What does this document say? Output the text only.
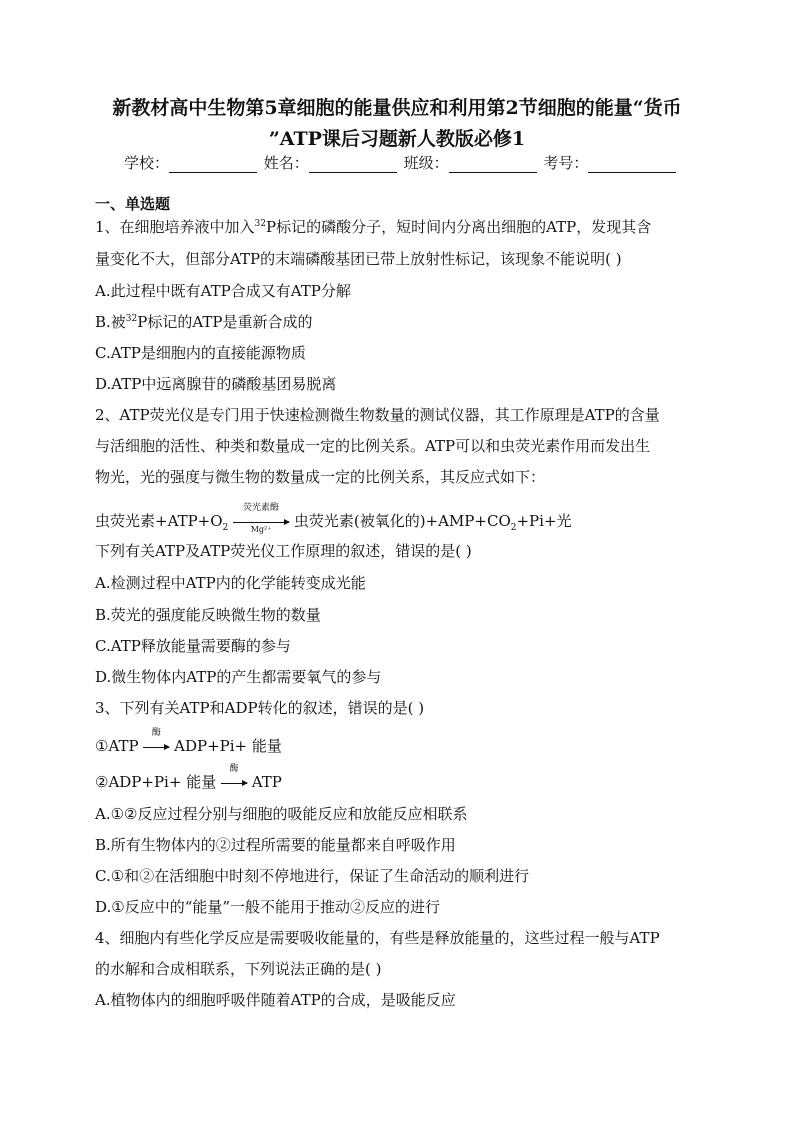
新教材高中生物第5章细胞的能量供应和利用第2节细胞的能量“货币
”ATP课后习题新人教版必修1
学校：	姓名：	班级：	考号：
一、单选题
1、在细胞培养液中加入$^{32}$P标记的磷酸分子，短时间内分离出细胞的ATP，发现其含
量变化不大，但部分ATP的末端磷酸基团已带上放射性标记，该现象不能说明( )
A.此过程中既有ATP合成又有ATP分解
B.被$^{32}$P标记的ATP是重新合成的
C.ATP是细胞内的直接能源物质
D.ATP中远离腺苷的磷酸基团易脱离
2、ATP荧光仪是专门用于快速检测微生物数量的测试仪器，其工作原理是ATP的含量
与活细胞的活性、种类和数量成一定的比例关系。ATP可以和虫荧光素作用而发出生
物光，光的强度与微生物的数量成一定的比例关系，其反应式如下：
虫荧光素$+ATP+O_2$
荧光素酶
Mg²⁺	虫荧光素(被氧化的)$+AMP+CO_2+Pi+$光
下列有关ATP及ATP荧光仪工作原理的叙述，错误的是( )
A.检测过程中ATP内的化学能转变成光能
B.荧光的强度能反映微生物的数量
C.ATP释放能量需要酶的参与
D.微生物体内ATP的产生都需要氧气的参与
3、下列有关ATP和ADP转化的叙述，错误的是( )
①ATP
酶
ADP+Pi+ 能量
②ADP+Pi+ 能量
酶
ATP
A.①②反应过程分别与细胞的吸能反应和放能反应相联系
B.所有生物体内的②过程所需要的能量都来自呼吸作用
C.①和②在活细胞中时刻不停地进行，保证了生命活动的顺利进行
D.①反应中的“能量”一般不能用于推动②反应的进行
4、细胞内有些化学反应是需要吸收能量的，有些是释放能量的，这些过程一般与ATP
的水解和合成相联系，下列说法正确的是( )
A.植物体内的细胞呼吸伴随着ATP的合成，是吸能反应
